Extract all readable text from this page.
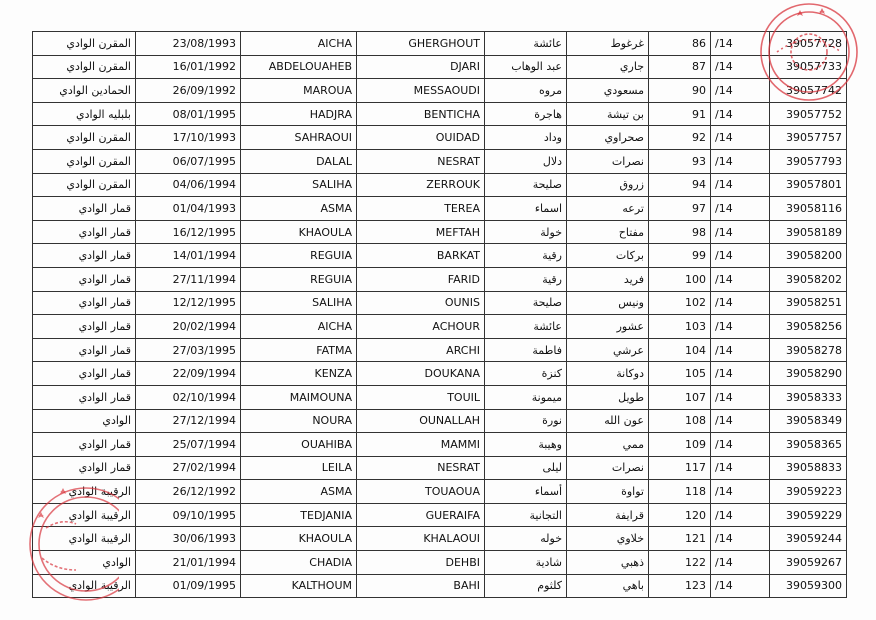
المقرن الوادي	23/08/1993	AICHA	GHERGHOUT	عائشة	غرغوط	86	/14	39057728
المقرن الوادي	16/01/1992	ABDELOUAHEB	DJARI	عبد الوهاب	جاري	87	/14	39057733
الحمادين الوادي	26/09/1992	MAROUA	MESSAOUDI	مروه	مسعودي	90	/14	39057742
بلبليه الوادي	08/01/1995	HADJRA	BENTICHA	هاجرة	بن تيشة	91	/14	39057752
المقرن الوادي	17/10/1993	SAHRAOUI	OUIDAD	وداد	صحراوي	92	/14	39057757
المقرن الوادي	06/07/1995	DALAL	NESRAT	دلال	نصرات	93	/14	39057793
المقرن الوادي	04/06/1994	SALIHA	ZERROUK	صليحة	زروق	94	/14	39057801
قمار الوادي	01/04/1993	ASMA	TEREA	اسماء	ترعه	97	/14	39058116
قمار الوادي	16/12/1995	KHAOULA	MEFTAH	خولة	مفتاح	98	/14	39058189
قمار الوادي	14/01/1994	REGUIA	BARKAT	رقية	بركات	99	/14	39058200
قمار الوادي	27/11/1994	REGUIA	FARID	رقية	فريد	100	/14	39058202
قمار الوادي	12/12/1995	SALIHA	OUNIS	صليحة	ونيس	102	/14	39058251
قمار الوادي	20/02/1994	AICHA	ACHOUR	عائشة	عشور	103	/14	39058256
قمار الوادي	27/03/1995	FATMA	ARCHI	فاطمة	عرشي	104	/14	39058278
قمار الوادي	22/09/1994	KENZA	DOUKANA	كنزة	دوكانة	105	/14	39058290
قمار الوادي	02/10/1994	MAIMOUNA	TOUIL	ميمونة	طويل	107	/14	39058333
الوادي	27/12/1994	NOURA	OUNALLAH	نورة	عون الله	108	/14	39058349
قمار الوادي	25/07/1994	OUAHIBA	MAMMI	وهيبة	ممي	109	/14	39058365
قمار الوادي	27/02/1994	LEILA	NESRAT	ليلى	نصرات	117	/14	39058833
الرقيبة الوادي	26/12/1992	ASMA	TOUAOUA	أسماء	تواوة	118	/14	39059223
الرقيبة الوادي	09/10/1995	TEDJANIA	GUERAIFA	التجانية	قرايفة	120	/14	39059229
الرقيبة الوادي	30/06/1993	KHAOULA	KHALAOUI	خوله	خلاوي	121	/14	39059244
الوادي	21/01/1994	CHADIA	DEHBI	شادية	ذهبي	122	/14	39059267
الرقيبة الوادي	01/09/1995	KALTHOUM	BAHI	كلثوم	باهي	123	/14	39059300
